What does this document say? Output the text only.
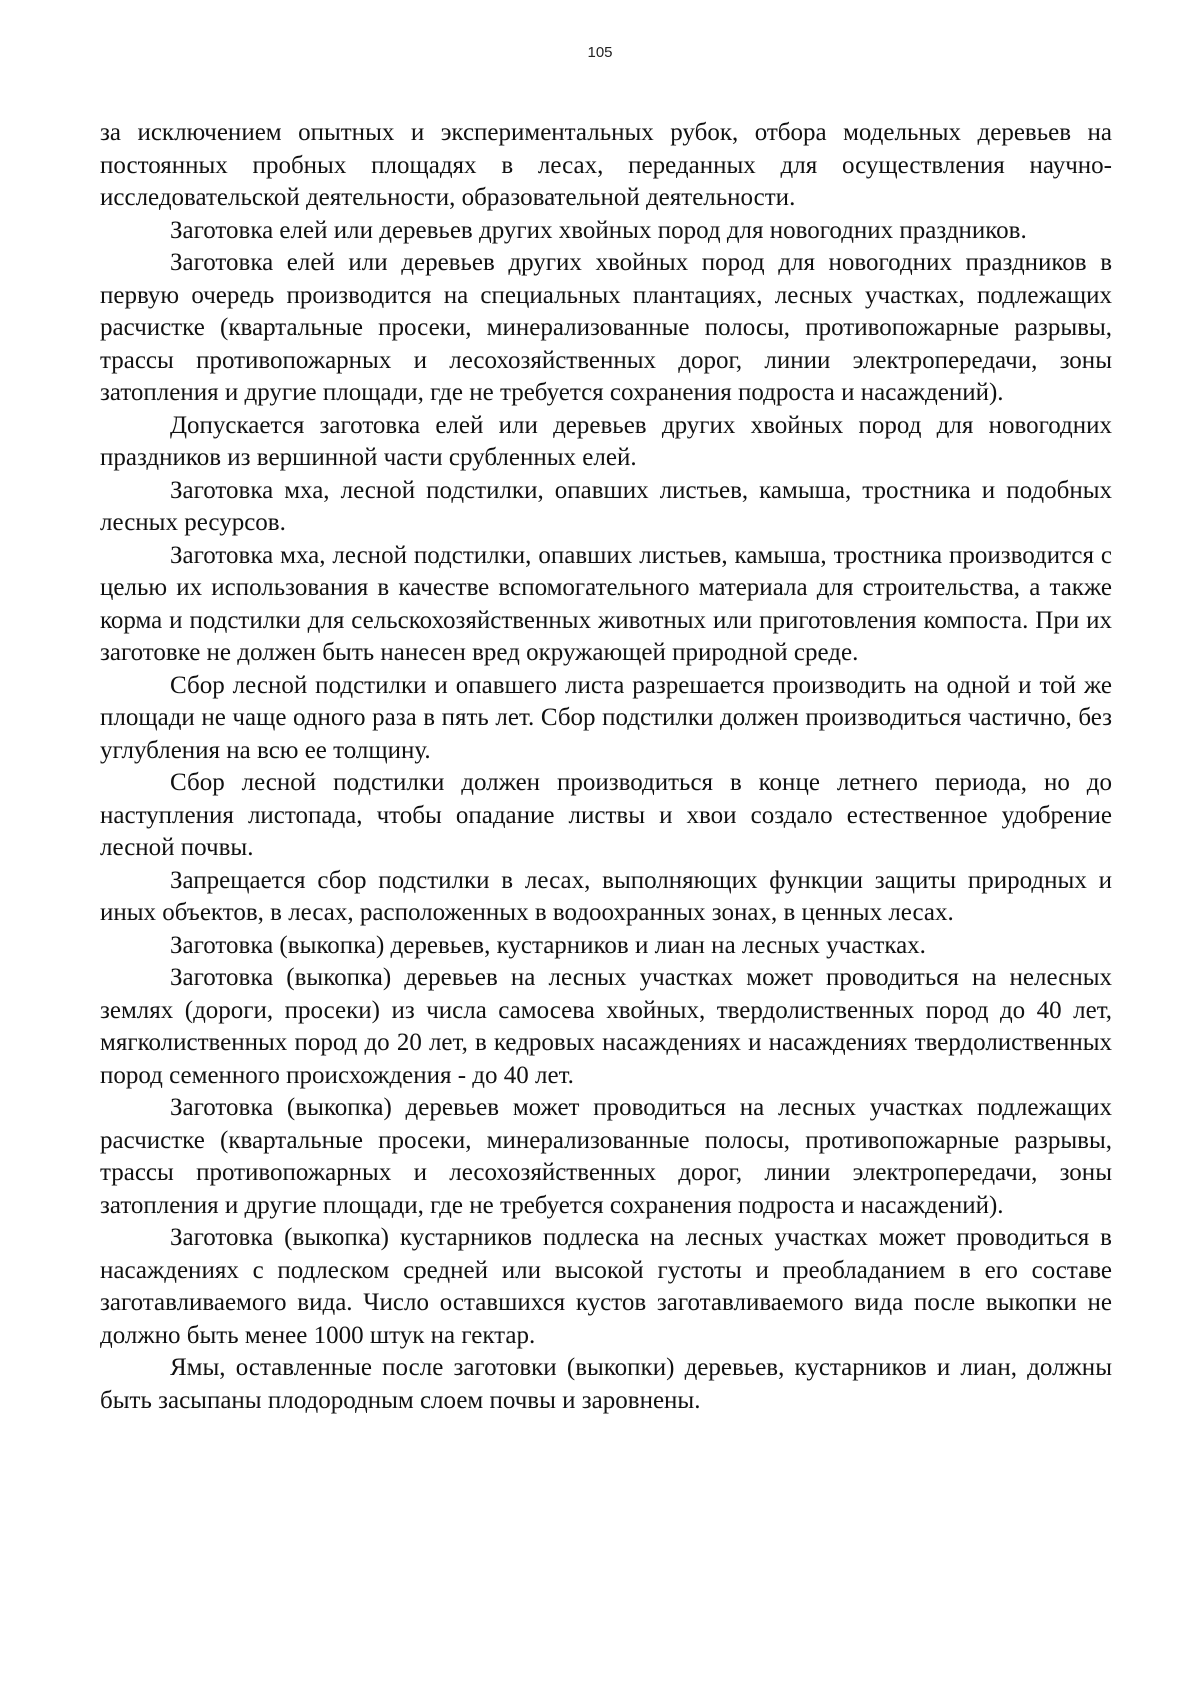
105

за исключением опытных и экспериментальных рубок, отбора модельных деревьев на постоянных пробных площадях в лесах, переданных для осуществления научно-исследовательской деятельности, образовательной деятельности.

Заготовка елей или деревьев других хвойных пород для новогодних праздников.

Заготовка елей или деревьев других хвойных пород для новогодних праздников в первую очередь производится на специальных плантациях, лесных участках, подлежащих расчистке (квартальные просеки, минерализованные полосы, противопожарные разрывы, трассы противопожарных и лесохозяйственных дорог, линии электропередачи, зоны затопления и другие площади, где не требуется сохранения подроста и насаждений).

Допускается заготовка елей или деревьев других хвойных пород для новогодних праздников из вершинной части срубленных елей.

Заготовка мха, лесной подстилки, опавших листьев, камыша, тростника и подобных лесных ресурсов.

Заготовка мха, лесной подстилки, опавших листьев, камыша, тростника производится с целью их использования в качестве вспомогательного материала для строительства, а также корма и подстилки для сельскохозяйственных животных или приготовления компоста. При их заготовке не должен быть нанесен вред окружающей природной среде.

Сбор лесной подстилки и опавшего листа разрешается производить на одной и той же площади не чаще одного раза в пять лет. Сбор подстилки должен производиться частично, без углубления на всю ее толщину.

Сбор лесной подстилки должен производиться в конце летнего периода, но до наступления листопада, чтобы опадание листвы и хвои создало естественное удобрение лесной почвы.

Запрещается сбор подстилки в лесах, выполняющих функции защиты природных и иных объектов, в лесах, расположенных в водоохранных зонах, в ценных лесах.

Заготовка (выкопка) деревьев, кустарников и лиан на лесных участках.

Заготовка (выкопка) деревьев на лесных участках может проводиться на нелесных землях (дороги, просеки) из числа самосева хвойных, твердолиственных пород до 40 лет, мягколиственных пород до 20 лет, в кедровых насаждениях и насаждениях твердолиственных пород семенного происхождения - до 40 лет.

Заготовка (выкопка) деревьев может проводиться на лесных участках подлежащих расчистке (квартальные просеки, минерализованные полосы, противопожарные разрывы, трассы противопожарных и лесохозяйственных дорог, линии электропередачи, зоны затопления и другие площади, где не требуется сохранения подроста и насаждений).

Заготовка (выкопка) кустарников подлеска на лесных участках может проводиться в насаждениях с подлеском средней или высокой густоты и преобладанием в его составе заготавливаемого вида. Число оставшихся кустов заготавливаемого вида после выкопки не должно быть менее 1000 штук на гектар.

Ямы, оставленные после заготовки (выкопки) деревьев, кустарников и лиан, должны быть засыпаны плодородным слоем почвы и заровнены.
